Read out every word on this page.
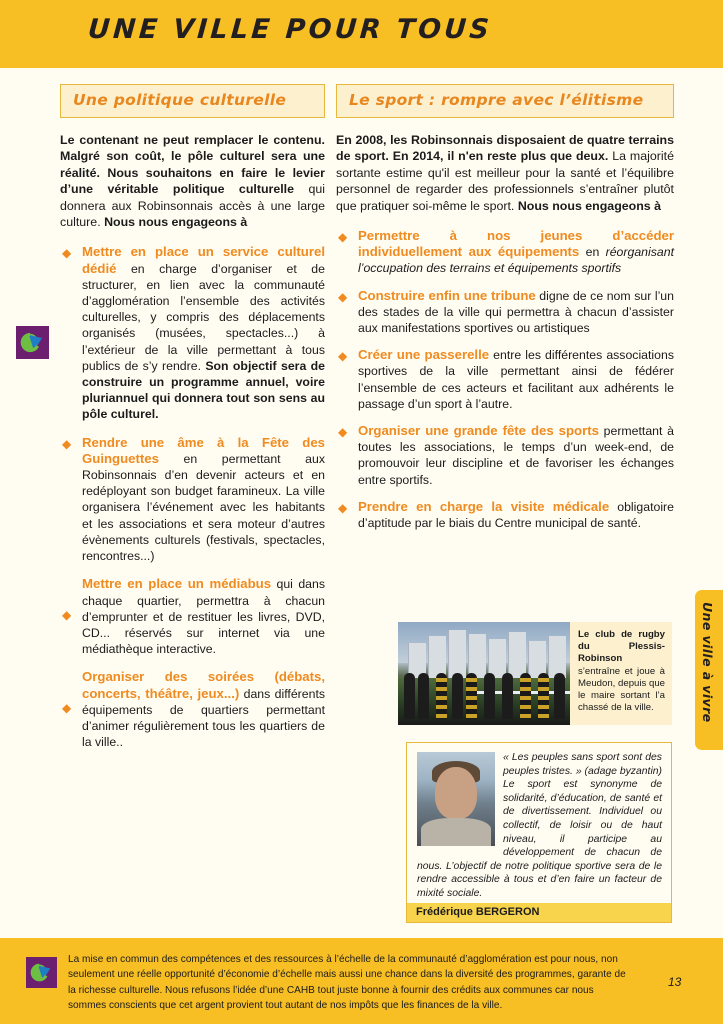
UNE VILLE POUR TOUS
Une ville à vivre
Une politique culturelle
Le contenant ne peut remplacer le contenu. Malgré son coût, le pôle culturel sera une réalité. Nous souhaitons en faire le levier d’une véritable politique culturelle qui donnera aux Robinsonnais accès à une large culture. Nous nous engageons à
◆ Mettre en place un service culturel dédié en charge d’organiser et de structurer, en lien avec la communauté d’agglomération l’ensemble des activités culturelles, y compris des déplacements organisés (musées, spectacles...) à l’extérieur de la ville permettant à tous publics de s’y rendre. Son objectif sera de construire un programme annuel, voire pluriannuel qui donnera tout son sens au pôle culturel.
◆ Rendre une âme à la Fête des Guinguettes en permettant aux Robinsonnais d’en devenir acteurs et en redéployant son budget faramineux. La ville organisera l’événement avec les habitants et les associations et sera moteur d’autres évènements culturels (festivals, spectacles, rencontres...)
◆
Mettre en place un médiabus qui dans chaque quartier, permettra à chacun d’emprunter et de restituer les livres, DVD, CD... réservés sur internet via une médiathèque interactive.
◆
Organiser des soirées (débats, concerts, théâtre, jeux...) dans différents équipements de quartiers permettant d’animer régulièrement tous les quartiers de la ville..
Le sport : rompre avec l’élitisme
En 2008, les Robinsonnais disposaient de quatre terrains de sport. En 2014, il n'en reste plus que deux. La majorité sortante estime qu'il est meilleur pour la santé et l’équilibre personnel de regarder des professionnels s’entraîner plutôt que pratiquer soi-même le sport. Nous nous engageons à
◆ Permettre à nos jeunes d’accéder individuellement aux équipements en réorganisant l’occupation des terrains et équipements sportifs
◆ Construire enfin une tribune digne de ce nom sur l’un des stades de la ville qui permettra à chacun d’assister aux manifestations sportives ou artistiques
◆ Créer une passerelle entre les différentes associations sportives de la ville permettant ainsi de fédérer l’ensemble de ces acteurs et facilitant aux adhérents le passage d’un sport à l’autre.
◆ Organiser une grande fête des sports permettant à toutes les associations, le temps d’un week-end, de promouvoir leur discipline et de favoriser les échanges entre sportifs.
◆ Prendre en charge la visite médicale obligatoire d’aptitude par le biais du Centre municipal de santé.
Le club de rugby du Plessis-Robinson s’entraîne et joue à Meudon, depuis que le maire sortant l’a chassé de la ville.
« Les peuples sans sport sont des peuples tristes. » (adage byzantin) Le sport est synonyme de solidarité, d’éducation, de santé et de divertissement. Individuel ou collectif, de loisir ou de haut niveau, il participe au développement de chacun de nous. L’objectif de notre politique sportive sera de le rendre accessible à tous et d’en faire un facteur de mixité sociale.
Frédérique BERGERON
La mise en commun des compétences et des ressources à l’échelle de la communauté d’agglomération est pour nous, non seulement une réelle opportunité d’économie d’échelle mais aussi une chance dans la diversité des programmes, garante de la richesse culturelle. Nous refusons l’idée d’une CAHB tout juste bonne à fournir des crédits aux communes car nous sommes conscients que cet argent provient tout autant de nos impôts que les finances de la ville.
13
